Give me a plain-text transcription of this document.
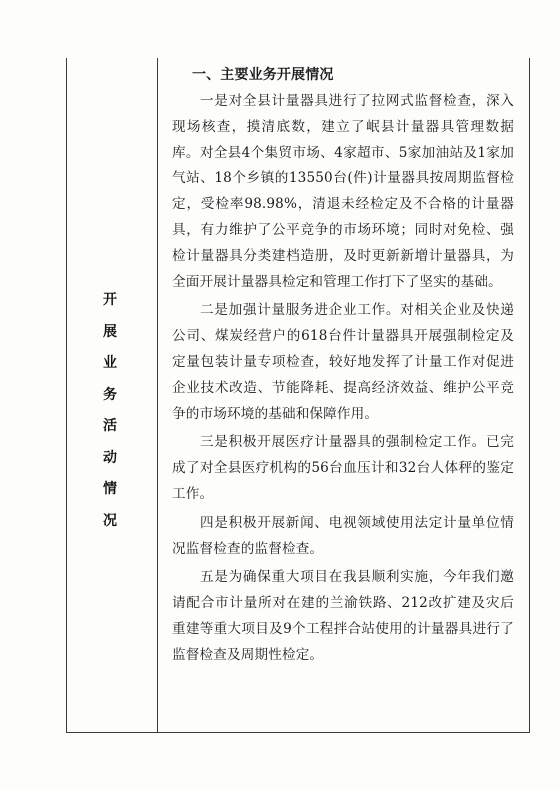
开
展
业
务
活
动
情
况

一、主要业务开展情况

一是对全县计量器具进行了拉网式监督检查，深入现场核查，摸清底数，建立了岷县计量器具管理数据库。对全县4个集贸市场、4家超市、5家加油站及1家加气站、18个乡镇的13550台(件)计量器具按周期监督检定，受检率98.98%，清退未经检定及不合格的计量器具，有力维护了公平竞争的市场环境；同时对免检、强检计量器具分类建档造册，及时更新新增计量器具，为全面开展计量器具检定和管理工作打下了坚实的基础。

二是加强计量服务进企业工作。对相关企业及快递公司、煤炭经营户的618台件计量器具开展强制检定及定量包装计量专项检查，较好地发挥了计量工作对促进企业技术改造、节能降耗、提高经济效益、维护公平竞争的市场环境的基础和保障作用。

三是积极开展医疗计量器具的强制检定工作。已完成了对全县医疗机构的56台血压计和32台人体秤的鉴定工作。

四是积极开展新闻、电视领域使用法定计量单位情况监督检查的监督检查。

五是为确保重大项目在我县顺利实施，今年我们邀请配合市计量所对在建的兰渝铁路、212改扩建及灾后重建等重大项目及9个工程拌合站使用的计量器具进行了监督检查及周期性检定。
